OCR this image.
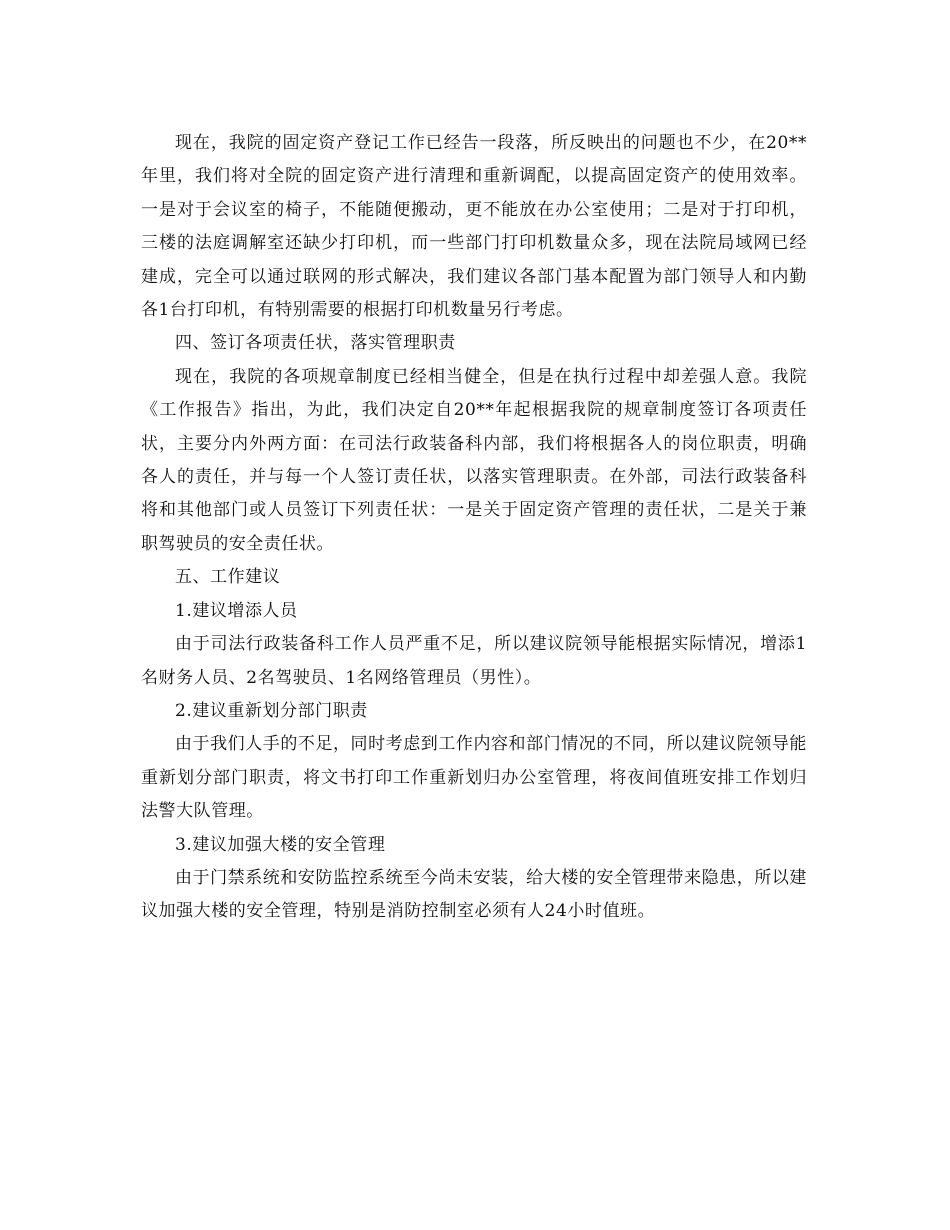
现在，我院的固定资产登记工作已经告一段落，所反映出的问题也不少，在20**年里，我们将对全院的固定资产进行清理和重新调配，以提高固定资产的使用效率。一是对于会议室的椅子，不能随便搬动，更不能放在办公室使用；二是对于打印机，三楼的法庭调解室还缺少打印机，而一些部门打印机数量众多，现在法院局域网已经建成，完全可以通过联网的形式解决，我们建议各部门基本配置为部门领导人和内勤各1台打印机，有特别需要的根据打印机数量另行考虑。

四、签订各项责任状，落实管理职责

现在，我院的各项规章制度已经相当健全，但是在执行过程中却差强人意。我院《工作报告》指出，为此，我们决定自20**年起根据我院的规章制度签订各项责任状，主要分内外两方面：在司法行政装备科内部，我们将根据各人的岗位职责，明确各人的责任，并与每一个人签订责任状，以落实管理职责。在外部，司法行政装备科将和其他部门或人员签订下列责任状：一是关于固定资产管理的责任状，二是关于兼职驾驶员的安全责任状。

五、工作建议

1.建议增添人员

由于司法行政装备科工作人员严重不足，所以建议院领导能根据实际情况，增添1名财务人员、2名驾驶员、1名网络管理员（男性）。

2.建议重新划分部门职责

由于我们人手的不足，同时考虑到工作内容和部门情况的不同，所以建议院领导能重新划分部门职责，将文书打印工作重新划归办公室管理，将夜间值班安排工作划归法警大队管理。

3.建议加强大楼的安全管理

由于门禁系统和安防监控系统至今尚未安装，给大楼的安全管理带来隐患，所以建议加强大楼的安全管理，特别是消防控制室必须有人24小时值班。
